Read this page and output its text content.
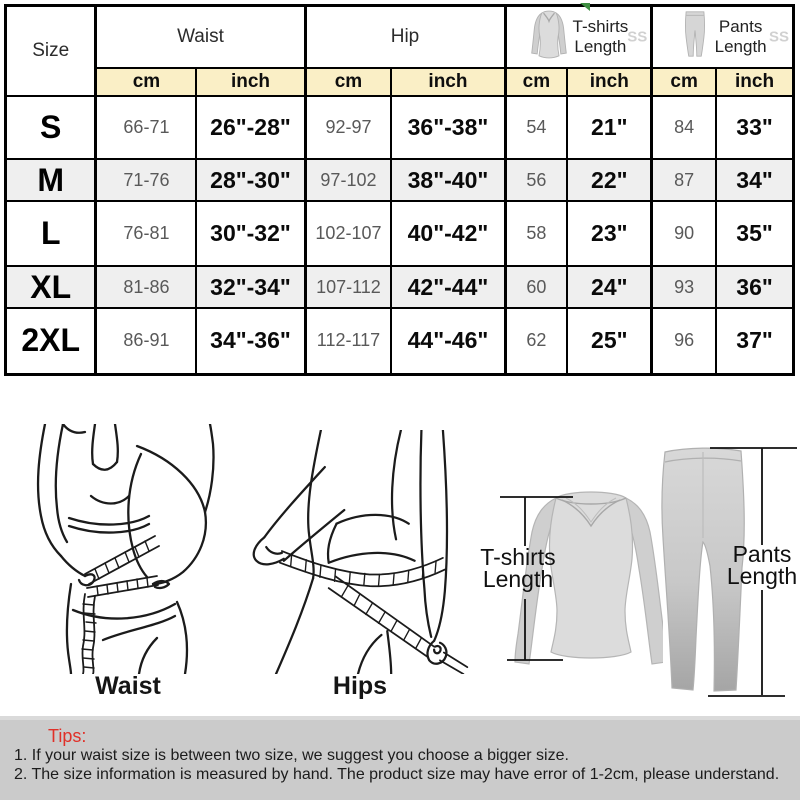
Size	Waist	Hip	SS
T-shirts
Length	SS
Pants
Length

	cm	inch	cm	inch	cm	inch	cm	inch
S	66-71	26"-28"	92-97	36"-38"	54	21"	84	33"
M	71-76	28"-30"	97-102	38"-40"	56	22"	87	34"
L	76-81	30"-32"	102-107	40"-42"	58	23"	90	35"
XL	81-86	32"-34"	107-112	42"-44"	60	24"	93	36"
2XL	86-91	34"-36"	112-117	44"-46"	62	25"	96	37"
Waist	Hips
T-shirts
Length
Pants
Length
Tips:
1. If your waist size is between two size, we suggest you choose a bigger size.
2. The size information is measured by hand. The product size may have error of 1-2cm, please understand.
